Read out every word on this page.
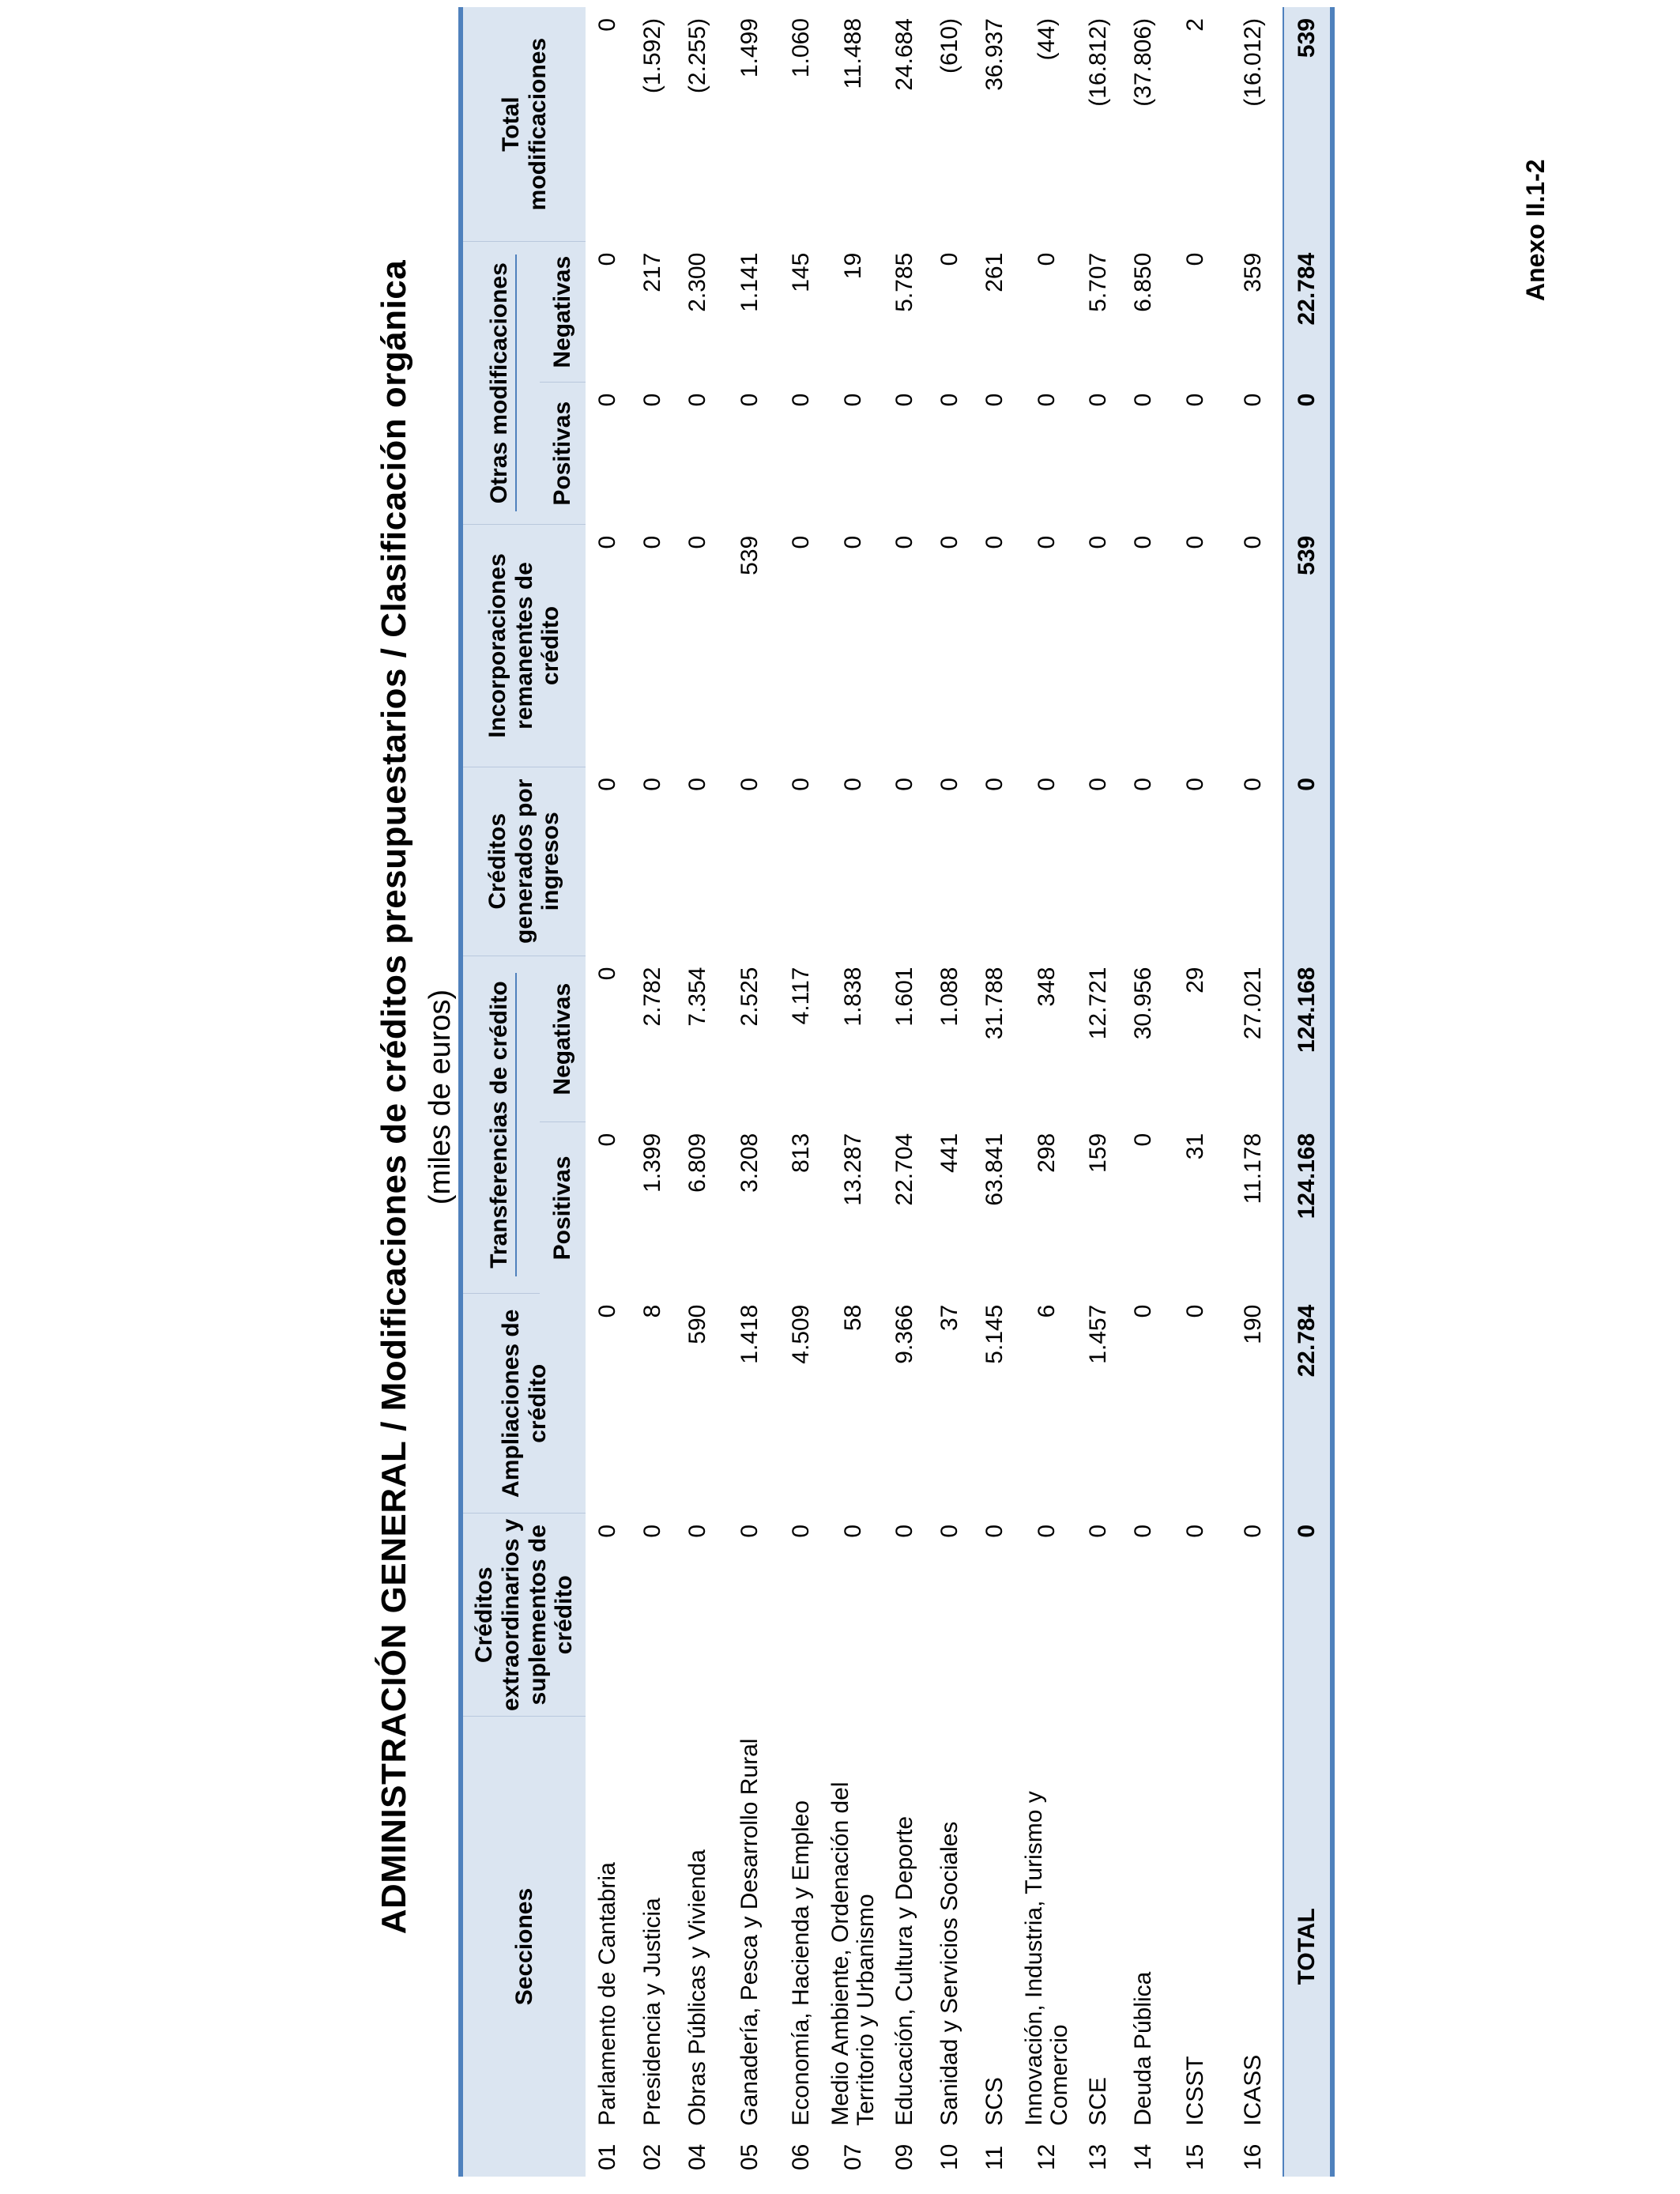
Anexo II.1-2
ADMINISTRACIÓN GENERAL / Modificaciones de créditos presupuestarios / Clasificación orgánica (miles de euros)
Secciones		Créditos extraordinarios y suplementos de crédito	Ampliaciones de crédito	Transferencias de crédito		Créditos generados por ingresos	Incorporaciones remanentes de crédito	Otras modificaciones		Total modificaciones
				Positivas	Negativas			Positivas	Negativas	
01	Parlamento de Cantabria	0	0	0	0	0	0	0	0	0
02	Presidencia y Justicia	0	8	1.399	2.782	0	0	0	217	(1.592)
04	Obras Públicas y Vivienda	0	590	6.809	7.354	0	0	0	2.300	(2.255)
05	Ganadería, Pesca y Desarrollo Rural	0	1.418	3.208	2.525	0	539	0	1.141	1.499
06	Economía, Hacienda y Empleo	0	4.509	813	4.117	0	0	0	145	1.060
07	Medio Ambiente, Ordenación del Territorio y Urbanismo	0	58	13.287	1.838	0	0	0	19	11.488
09	Educación, Cultura y Deporte	0	9.366	22.704	1.601	0	0	0	5.785	24.684
10	Sanidad y Servicios Sociales	0	37	441	1.088	0	0	0	0	(610)
11	SCS	0	5.145	63.841	31.788	0	0	0	261	36.937
12	Innovación, Industria, Turismo y Comercio	0	6	298	348	0	0	0	0	(44)
13	SCE	0	1.457	159	12.721	0	0	0	5.707	(16.812)
14	Deuda Pública	0	0	0	30.956	0	0	0	6.850	(37.806)
15	ICSST	0	0	31	29	0	0	0	0	2
16	ICASS	0	190	11.178	27.021	0	0	0	359	(16.012)
TOTAL		0	22.784	124.168	124.168	0	539	0	22.784	539
